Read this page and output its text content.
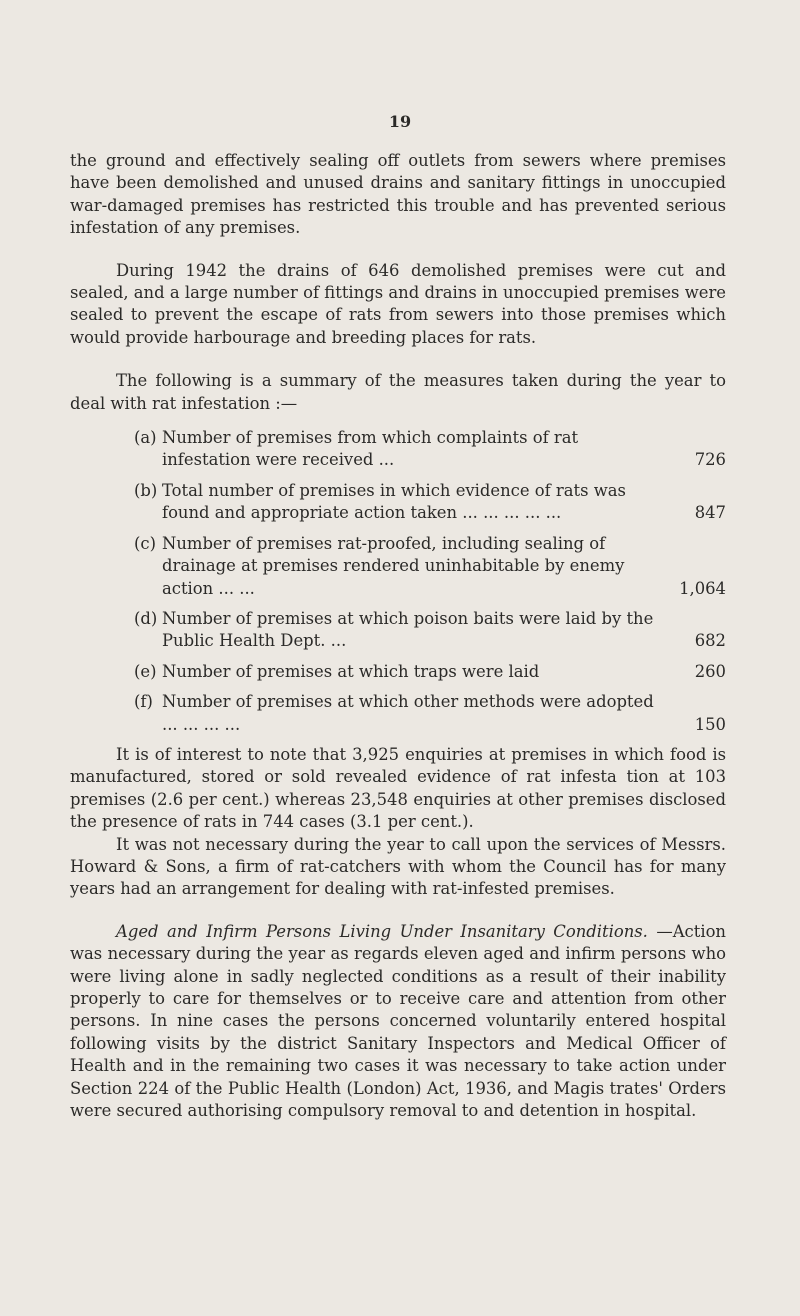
19

the ground and effectively sealing off outlets from sewers where premises have been demolished and unused drains and sanitary fittings in unoccupied war-damaged premises has restricted this trouble and has prevented serious infestation of any premises.

During 1942 the drains of 646 demolished premises were cut and sealed, and a large number of fittings and drains in unoccupied premises were sealed to prevent the escape of rats from sewers into those premises which would provide harbourage and breeding places for rats.

The following is a summary of the measures taken during the year to deal with rat infestation :—

(a) Number of premises from which complaints of rat infestation were received ...	726
(b) Total number of premises in which evidence of rats was found and appropriate action taken ... ... ... ... ...	847
(c) Number of premises rat-proofed, including sealing of drainage at premises rendered uninhabitable by enemy action ... ...	1,064
(d) Number of premises at which poison baits were laid by the Public Health Dept. ...	682
(e) Number of premises at which traps were laid	260
(f) Number of premises at which other methods were adopted ... ... ... ...	150

It is of interest to note that 3,925 enquiries at premises in which food is manufactured, stored or sold revealed evidence of rat infesta tion at 103 premises (2.6 per cent.) whereas 23,548 enquiries at other premises disclosed the presence of rats in 744 cases (3.1 per cent.).

It was not necessary during the year to call upon the services of Messrs. Howard & Sons, a firm of rat-catchers with whom the Council has for many years had an arrangement for dealing with rat-infested premises.

Aged and Infirm Persons Living Under Insanitary Conditions. —Action was necessary during the year as regards eleven aged and infirm persons who were living alone in sadly neglected conditions as a result of their inability properly to care for themselves or to receive care and attention from other persons. In nine cases the persons concerned voluntarily entered hospital following visits by the district Sanitary Inspectors and Medical Officer of Health and in the remaining two cases it was necessary to take action under Section 224 of the Public Health (London) Act, 1936, and Magis trates' Orders were secured authorising compulsory removal to and detention in hospital.
